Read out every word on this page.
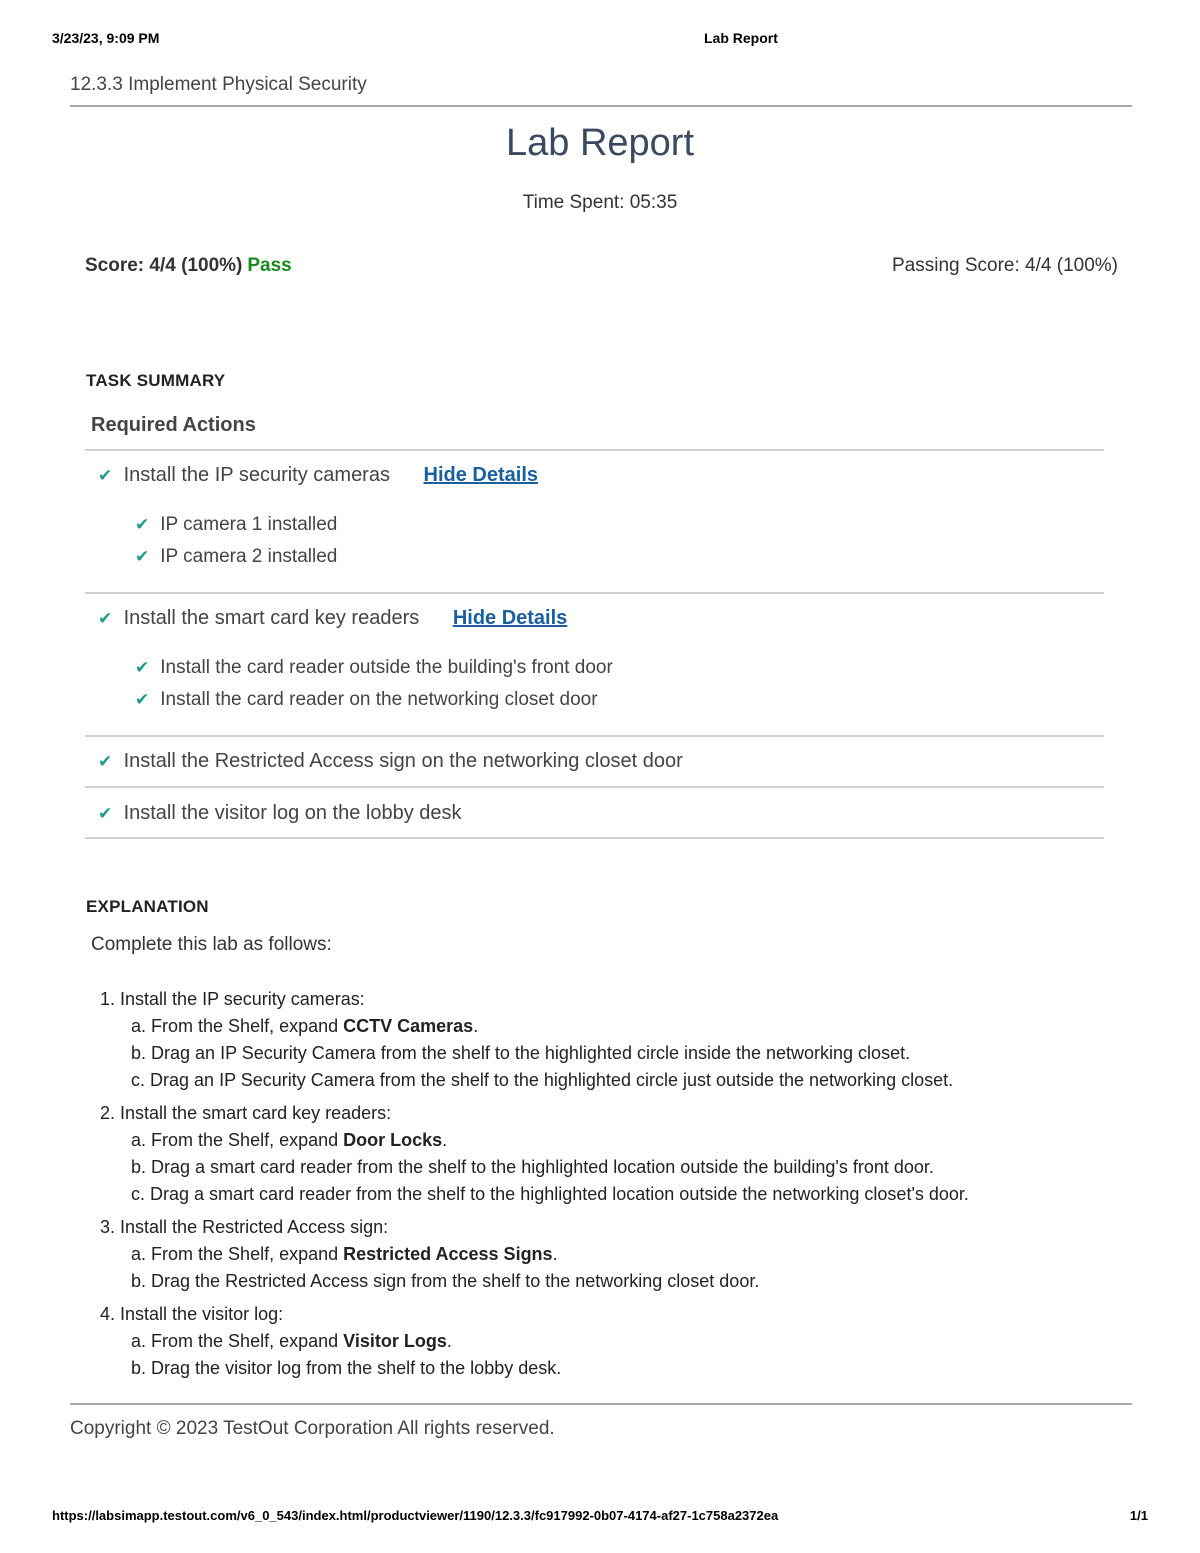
3/23/23, 9:09 PM	Lab Report
12.3.3 Implement Physical Security
Lab Report
Time Spent: 05:35
Score: 4/4 (100%) Pass	Passing Score: 4/4 (100%)
TASK SUMMARY
Required Actions
✔ Install the IP security cameras Hide Details
✔ IP camera 1 installed
✔ IP camera 2 installed
✔ Install the smart card key readers Hide Details
✔ Install the card reader outside the building's front door
✔ Install the card reader on the networking closet door
✔ Install the Restricted Access sign on the networking closet door
✔ Install the visitor log on the lobby desk
EXPLANATION
Complete this lab as follows:
1. Install the IP security cameras:
a. From the Shelf, expand CCTV Cameras.
b. Drag an IP Security Camera from the shelf to the highlighted circle inside the networking closet.
c. Drag an IP Security Camera from the shelf to the highlighted circle just outside the networking closet.
2. Install the smart card key readers:
a. From the Shelf, expand Door Locks.
b. Drag a smart card reader from the shelf to the highlighted location outside the building's front door.
c. Drag a smart card reader from the shelf to the highlighted location outside the networking closet's door.
3. Install the Restricted Access sign:
a. From the Shelf, expand Restricted Access Signs.
b. Drag the Restricted Access sign from the shelf to the networking closet door.
4. Install the visitor log:
a. From the Shelf, expand Visitor Logs.
b. Drag the visitor log from the shelf to the lobby desk.
Copyright © 2023 TestOut Corporation All rights reserved.
https://labsimapp.testout.com/v6_0_543/index.html/productviewer/1190/12.3.3/fc917992-0b07-4174-af27-1c758a2372ea	1/1
